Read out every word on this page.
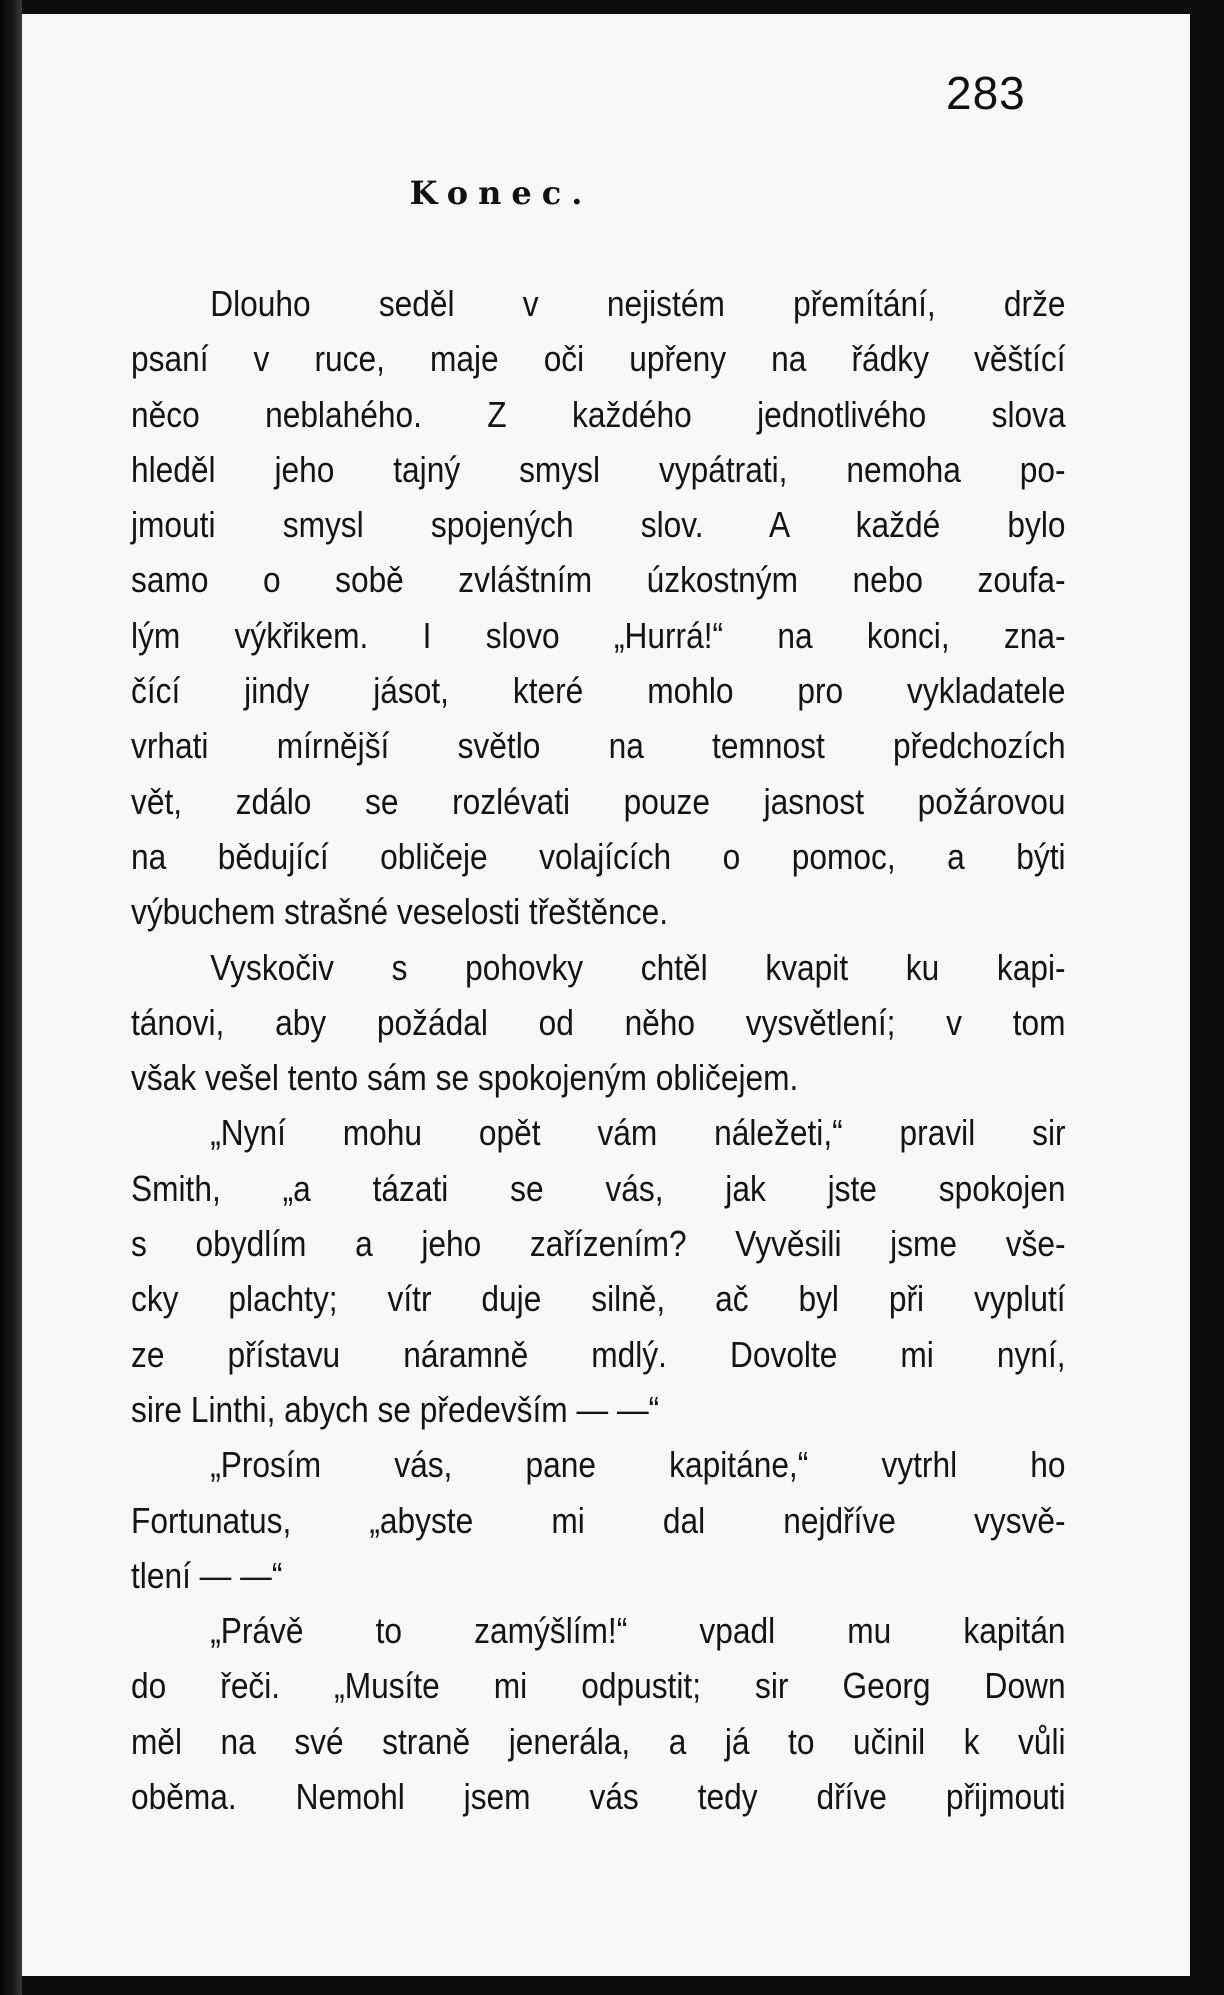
283
Konec.
Dlouho seděl v nejistém přemítání, drže
psaní v ruce, maje oči upřeny na řádky věštící
něco neblahého. Z každého jednotlivého slova
hleděl jeho tajný smysl vypátrati, nemoha po-
jmouti smysl spojených slov. A každé bylo
samo o sobě zvláštním úzkostným nebo zoufa-
lým výkřikem. I slovo „Hurrá!“ na konci, zna-
čící jindy jásot, které mohlo pro vykladatele
vrhati mírnější světlo na temnost předchozích
vět, zdálo se rozlévati pouze jasnost požárovou
na bědující obličeje volajících o pomoc, a býti
výbuchem strašné veselosti třeštěnce.
Vyskočiv s pohovky chtěl kvapit ku kapi-
tánovi, aby požádal od něho vysvětlení; v tom
však vešel tento sám se spokojeným obličejem.
„Nyní mohu opět vám náležeti,“ pravil sir
Smith, „a tázati se vás, jak jste spokojen
s obydlím a jeho zařízením? Vyvěsili jsme vše-
cky plachty; vítr duje silně, ač byl při vyplutí
ze přístavu náramně mdlý. Dovolte mi nyní,
sire Linthi, abych se především — —“
„Prosím vás, pane kapitáne,“ vytrhl ho
Fortunatus, „abyste mi dal nejdříve vysvě-
tlení — —“
„Právě to zamýšlím!“ vpadl mu kapitán
do řeči. „Musíte mi odpustit; sir Georg Down
měl na své straně jenerála, a já to učinil k vůli
oběma. Nemohl jsem vás tedy dříve přijmouti
